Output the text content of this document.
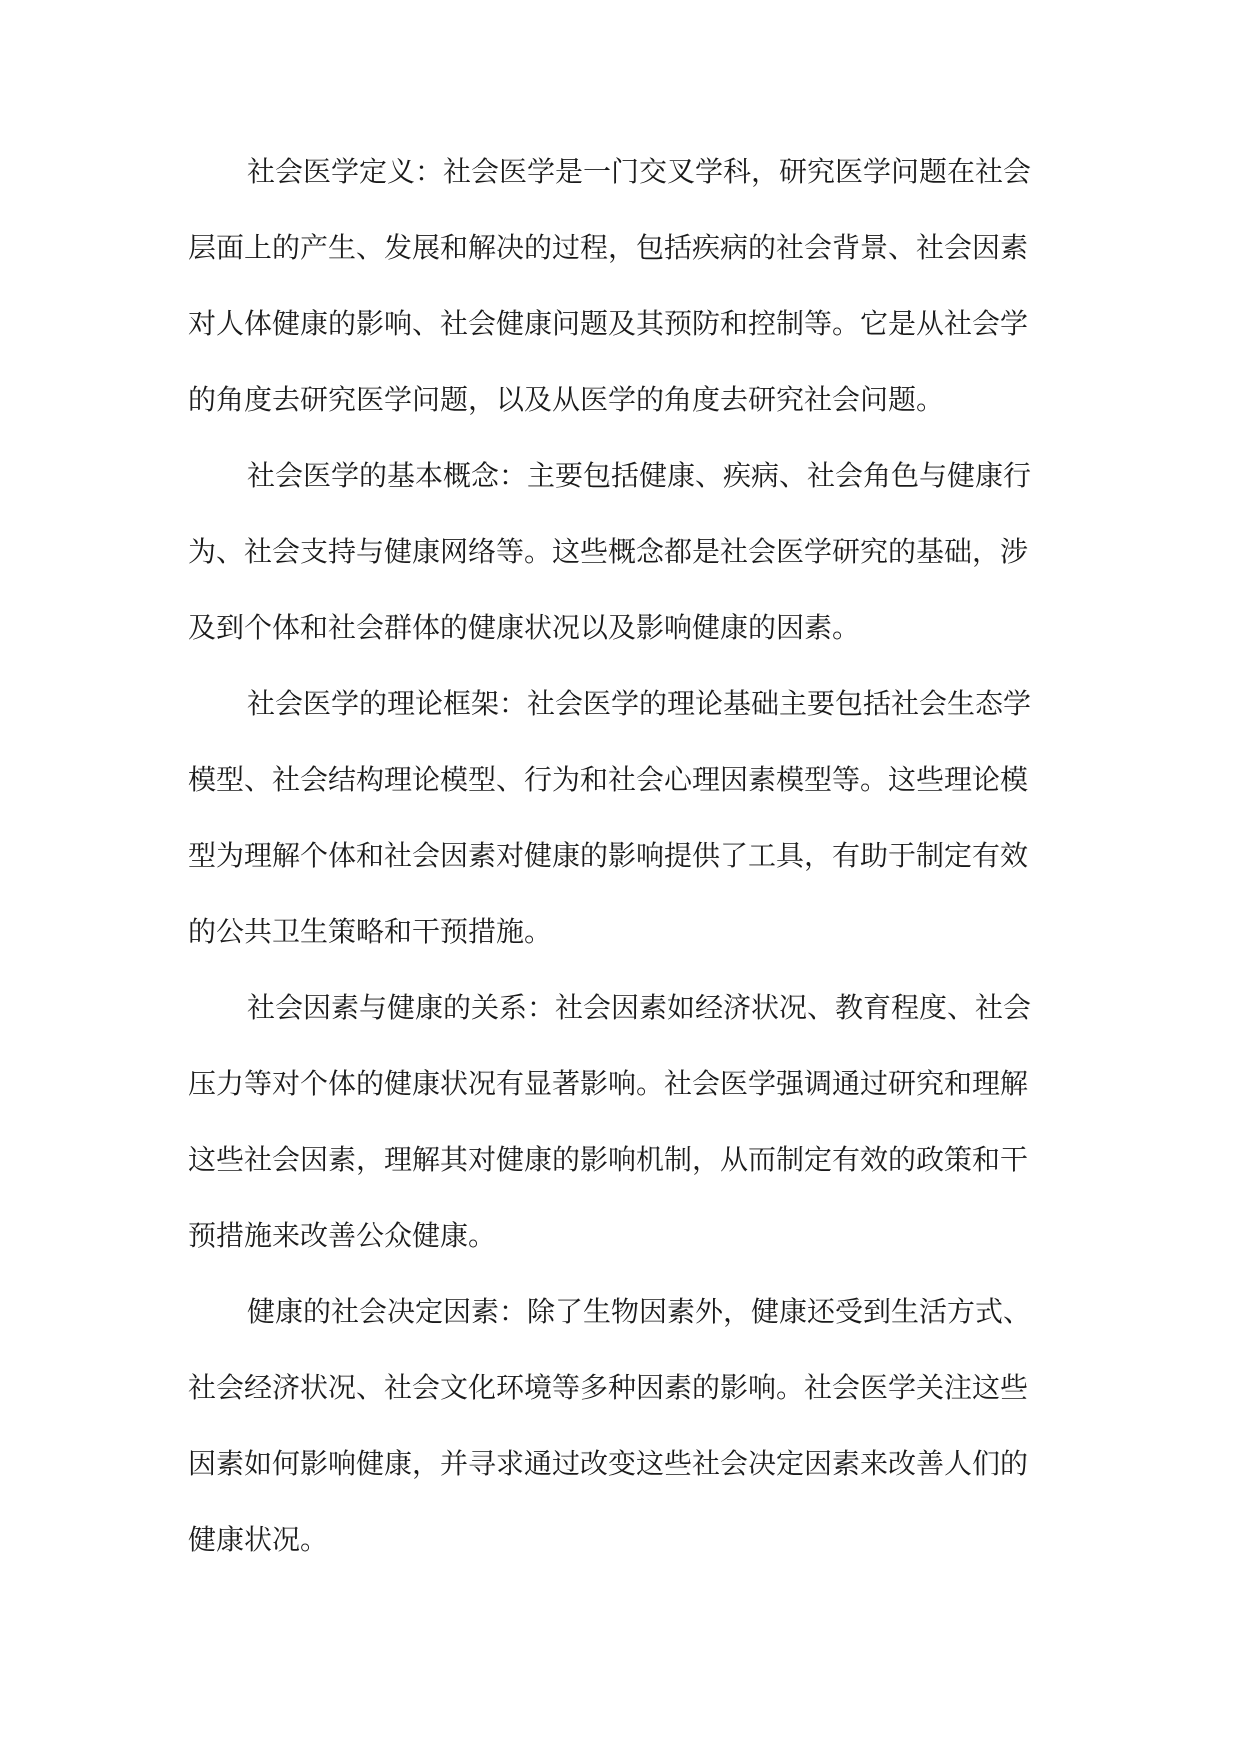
社会医学定义：社会医学是一门交叉学科，研究医学问题在社会
层面上的产生、发展和解决的过程，包括疾病的社会背景、社会因素
对人体健康的影响、社会健康问题及其预防和控制等。它是从社会学
的角度去研究医学问题，以及从医学的角度去研究社会问题。
社会医学的基本概念：主要包括健康、疾病、社会角色与健康行
为、社会支持与健康网络等。这些概念都是社会医学研究的基础，涉
及到个体和社会群体的健康状况以及影响健康的因素。
社会医学的理论框架：社会医学的理论基础主要包括社会生态学
模型、社会结构理论模型、行为和社会心理因素模型等。这些理论模
型为理解个体和社会因素对健康的影响提供了工具，有助于制定有效
的公共卫生策略和干预措施。
社会因素与健康的关系：社会因素如经济状况、教育程度、社会
压力等对个体的健康状况有显著影响。社会医学强调通过研究和理解
这些社会因素，理解其对健康的影响机制，从而制定有效的政策和干
预措施来改善公众健康。
健康的社会决定因素：除了生物因素外，健康还受到生活方式、
社会经济状况、社会文化环境等多种因素的影响。社会医学关注这些
因素如何影响健康，并寻求通过改变这些社会决定因素来改善人们的
健康状况。
